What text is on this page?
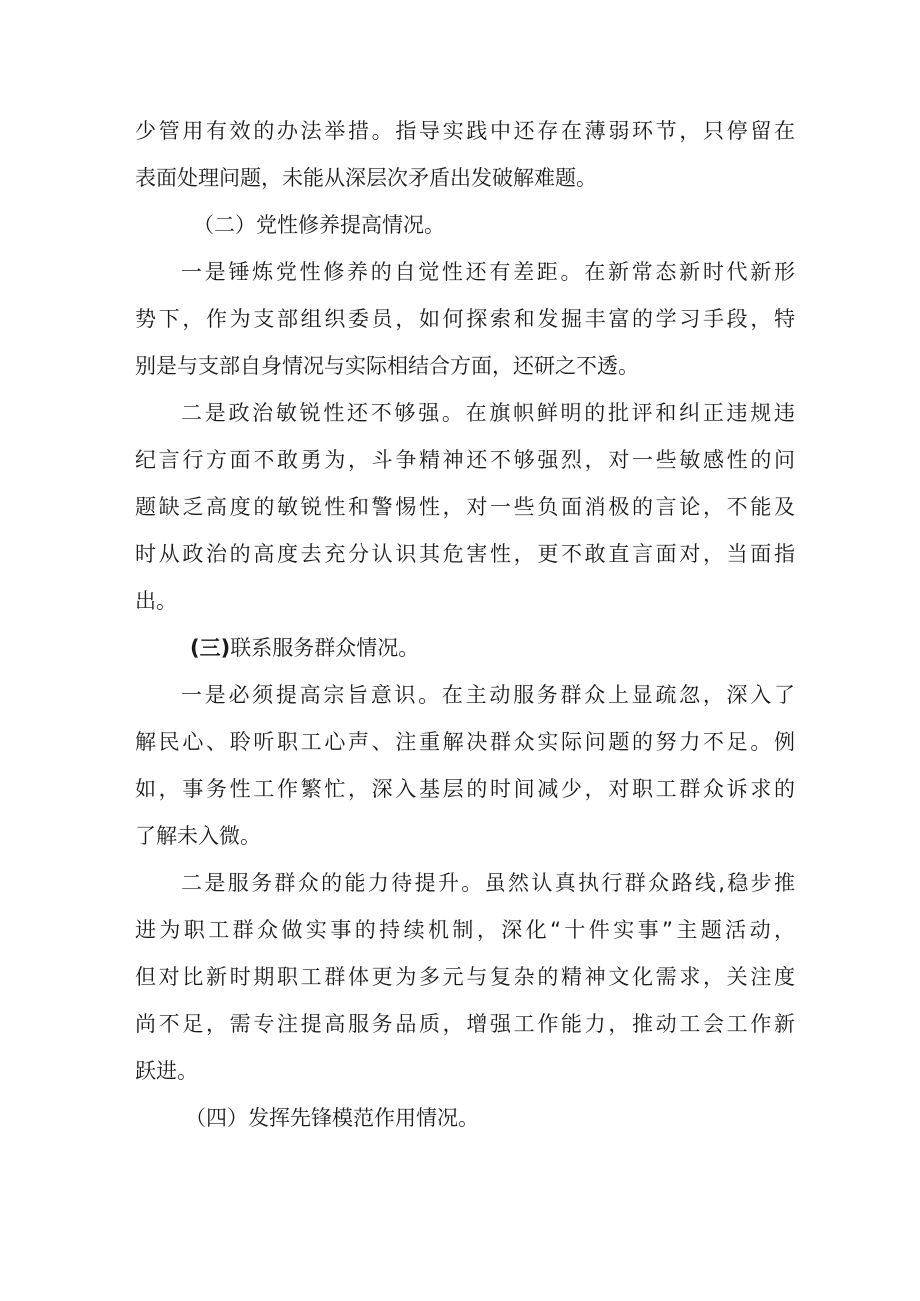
少管用有效的办法举措。指导实践中还存在薄弱环节，只停留在
表面处理问题，未能从深层次矛盾出发破解难题。
（二）党性修养提高情况。
一是锤炼党性修养的自觉性还有差距。在新常态新时代新形
势下，作为支部组织委员，如何探索和发掘丰富的学习手段，特
别是与支部自身情况与实际相结合方面，还研之不透。
二是政治敏锐性还不够强。在旗帜鲜明的批评和纠正违规违
纪言行方面不敢勇为，斗争精神还不够强烈，对一些敏感性的问
题缺乏高度的敏锐性和警惕性，对一些负面消极的言论，不能及
时从政治的高度去充分认识其危害性，更不敢直言面对，当面指
出。
(三)联系服务群众情况。
一是必须提高宗旨意识。在主动服务群众上显疏忽，深入了
解民心、聆听职工心声、注重解决群众实际问题的努力不足。例
如，事务性工作繁忙，深入基层的时间减少，对职工群众诉求的
了解未入微。
二是服务群众的能力待提升。虽然认真执行群众路线,稳步推
进为职工群众做实事的持续机制，深化“十件实事”主题活动，
但对比新时期职工群体更为多元与复杂的精神文化需求，关注度
尚不足，需专注提高服务品质，增强工作能力，推动工会工作新
跃进。
（四）发挥先锋模范作用情况。
